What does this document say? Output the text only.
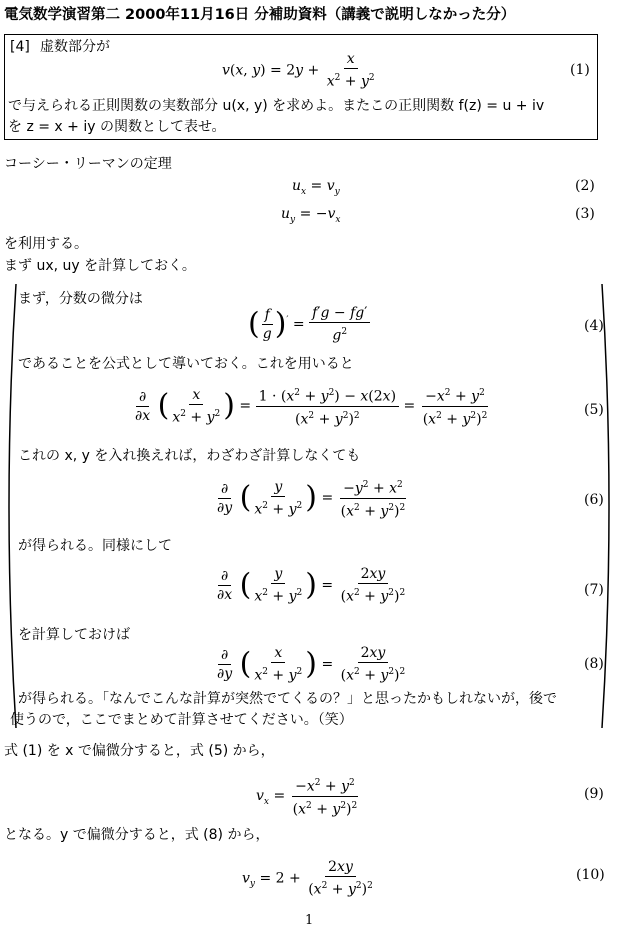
電気数学演習第二 2000年11月16日 分補助資料（講義で説明しなかった分）
[4] 虚数部分が
v(x, $y) = 2y + \frac{x}{x^2 + y^2}$	(1)
で与えられる正則関数の実数部分 u(x, y) を求めよ。またこの正則関数 f(z) = u + iv
を z = x + iy の関数として表せ。
コーシー・リーマンの定理
$u_x = v_y$	(2)
$u_y = -v_x$	(3)
を利用する。
まず ux, uy を計算しておく。
まず，分数の微分は
( $\frac{f}{g} )' = \frac{f'g - fg'}{g^2}$	(4)
であることを公式として導いておく。これを用いると
$\frac{\partial}{\partial x}$ ( $\frac{x}{x^2 + y^2}$ ) = $\frac{1 \cdot (x^2 + y^2) - x(2x)}{(x^2 + y^2)^2} = \frac{-x^2 + y^2}{(x^2 + y^2)^2}$	(5)
これの x, y を入れ換えれば，わざわざ計算しなくても
$\frac{\partial}{\partial y}$ ( $\frac{y}{x^2 + y^2}$ ) = $\frac{-y^2 + x^2}{(x^2 + y^2)^2}$	(6)
が得られる。同様にして
$\frac{\partial}{\partial x}$ ( $\frac{y}{x^2 + y^2}$ ) = $\frac{2xy}{(x^2 + y^2)^2}$	(7)
を計算しておけば
$\frac{\partial}{\partial y}$ ( $\frac{x}{x^2 + y^2}$ ) = $\frac{2xy}{(x^2 + y^2)^2}$	(8)
が得られる。「なんでこんな計算が突然でてくるの？」と思ったかもしれないが，後で
使うので，ここでまとめて計算させてください。（笑）
式 (1) を x で偏微分すると，式 (5) から，
$v_x = \frac{-x^2 + y^2}{(x^2 + y^2)^2}$	(9)
となる。y で偏微分すると，式 (8) から，
$v_y = 2 + \frac{2xy}{(x^2 + y^2)^2}$	(10)
1
